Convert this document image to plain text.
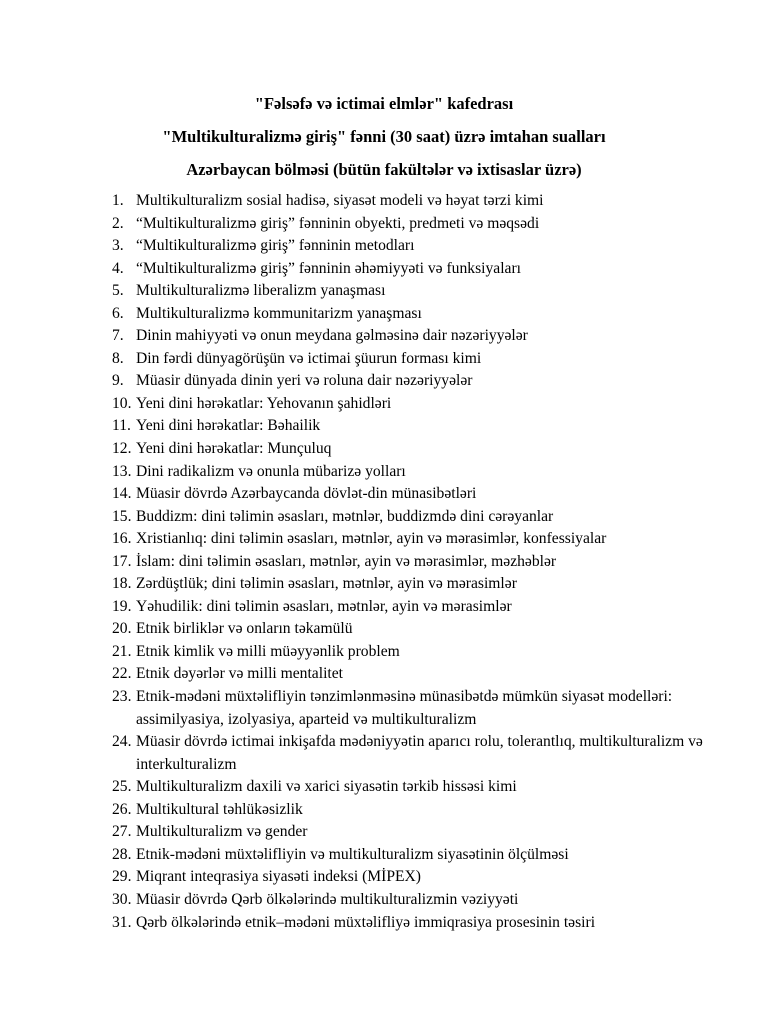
"Fəlsəfə və ictimai elmlər" kafedrası
"Multikulturalizmə giriş" fənni (30 saat) üzrə imtahan sualları
Azərbaycan bölməsi (bütün fakültələr və ixtisaslar üzrə)
1. Multikulturalizm sosial hadisə, siyasət modeli və həyat tərzi kimi
2. “Multikulturalizmə giriş” fənninin obyekti, predmeti və məqsədi
3. “Multikulturalizmə giriş” fənninin metodları
4. “Multikulturalizmə giriş” fənninin əhəmiyyəti və funksiyaları
5. Multikulturalizmə liberalizm yanaşması
6. Multikulturalizmə kommunitarizm yanaşması
7. Dinin mahiyyəti və onun meydana gəlməsinə dair nəzəriyyələr
8. Din fərdi dünyagörüşün və ictimai şüurun forması kimi
9. Müasir dünyada dinin yeri və roluna dair nəzəriyyələr
10. Yeni dini hərəkatlar: Yehovanın şahidləri
11. Yeni dini hərəkatlar: Bəhailik
12. Yeni dini hərəkatlar: Munçuluq
13. Dini radikalizm və onunla mübarizə yolları
14. Müasir dövrdə Azərbaycanda dövlət-din münasibətləri
15. Buddizm: dini təlimin əsasları, mətnlər, buddizmdə dini cərəyanlar
16. Xristianlıq: dini təlimin əsasları, mətnlər, ayin və mərasimlər, konfessiyalar
17. İslam: dini təlimin əsasları, mətnlər, ayin və mərasimlər, məzhəblər
18. Zərdüştlük; dini təlimin əsasları, mətnlər, ayin və mərasimlər
19. Yəhudilik: dini təlimin əsasları, mətnlər, ayin və mərasimlər
20. Etnik birliklər və onların təkamülü
21. Etnik kimlik və milli müəyyənlik problem
22. Etnik dəyərlər və milli mentalitet
23. Etnik-mədəni müxtəlifliyin tənzimlənməsinə münasibətdə mümkün siyasət modelləri: assimilyasiya, izolyasiya, aparteid və multikulturalizm
24. Müasir dövrdə ictimai inkişafda mədəniyyətin aparıcı rolu, tolerantlıq, multikulturalizm və interkulturalizm
25. Multikulturalizm daxili və xarici siyasətin tərkib hissəsi kimi
26. Multikultural təhlükəsizlik
27. Multikulturalizm və gender
28. Etnik-mədəni müxtəlifliyin və multikulturalizm siyasətinin ölçülməsi
29. Miqrant inteqrasiya siyasəti indeksi (MİPEX)
30. Müasir dövrdə Qərb ölkələrində multikulturalizmin vəziyyəti
31. Qərb ölkələrində etnik–mədəni müxtəlifliyə immiqrasiya prosesinin təsiri
